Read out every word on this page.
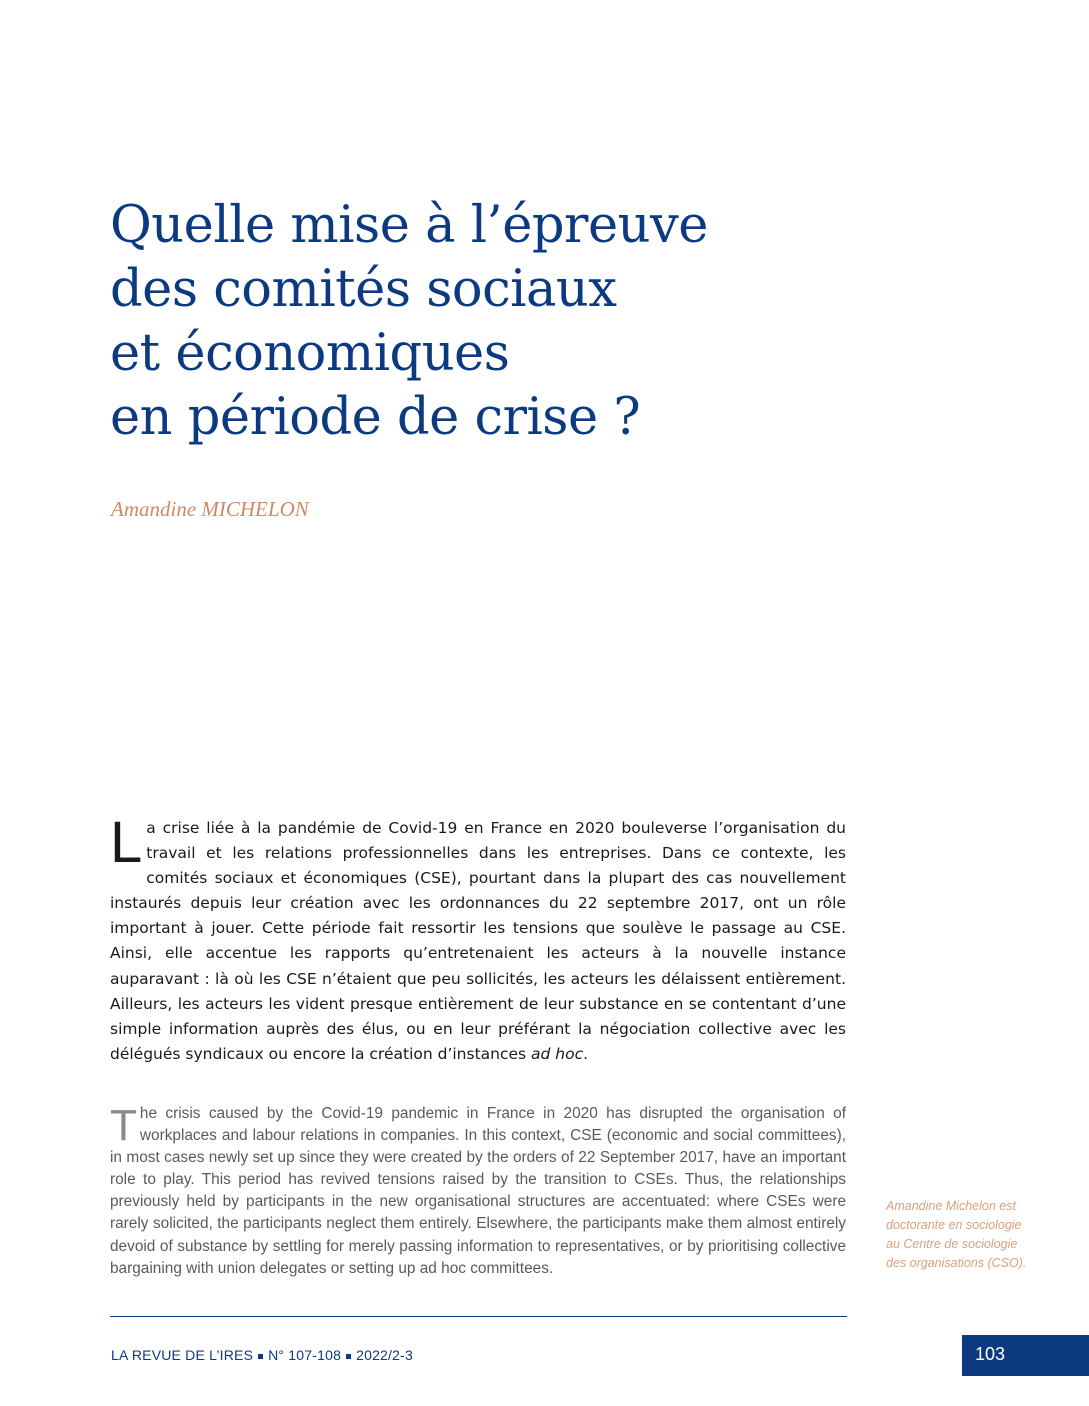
Quelle mise à l’épreuve
des comités sociaux
et économiques
en période de crise ?
Amandine MICHELON

La crise liée à la pandémie de Covid-19 en France en 2020 bouleverse l’organisation du travail et les relations professionnelles dans les entreprises. Dans ce contexte, les comités sociaux et économiques (CSE), pourtant dans la plupart des cas nouvellement instaurés depuis leur création avec les ordonnances du 22 septembre 2017, ont un rôle important à jouer. Cette période fait ressortir les tensions que soulève le passage au CSE. Ainsi, elle accentue les rapports qu’entretenaient les acteurs à la nouvelle instance auparavant : là où les CSE n’étaient que peu sollicités, les acteurs les délaissent entièrement. Ailleurs, les acteurs les vident presque entièrement de leur substance en se contentant d’une simple information auprès des élus, ou en leur préférant la négociation collective avec les délégués syndicaux ou encore la création d’instances ad hoc.

The crisis caused by the Covid-19 pandemic in France in 2020 has disrupted the organisation of workplaces and labour relations in companies. In this context, CSE (economic and social committees), in most cases newly set up since they were created by the orders of 22 September 2017, have an important role to play. This period has revived tensions raised by the transition to CSEs. Thus, the relationships previously held by participants in the new organisational structures are accentuated: where CSEs were rarely solicited, the participants neglect them entirely. Elsewhere, the participants make them almost entirely devoid of substance by settling for merely passing information to representatives, or by prioritising collective bargaining with union delegates or setting up ad hoc committees.

Amandine Michelon est
doctorante en sociologie
au Centre de sociologie
des organisations (CSO).

LA REVUE DE L’IRES N° 107-108 2022/2-3	103
